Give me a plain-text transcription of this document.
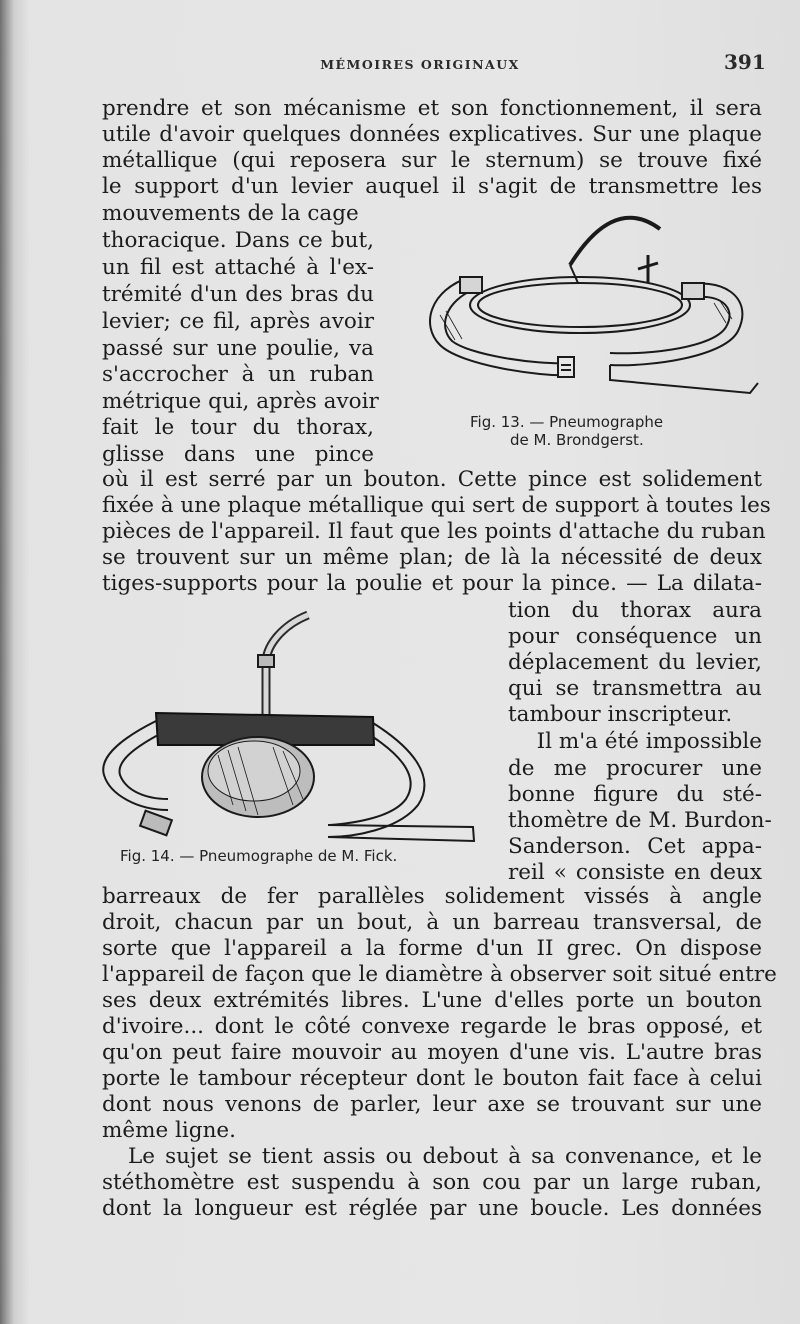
MÉMOIRES ORIGINAUX	391
prendre et son mécanisme et son fonctionnement, il sera
utile d'avoir quelques données explicatives. Sur une plaque
métallique (qui reposera sur le sternum) se trouve fixé
le support d'un levier auquel il s'agit de transmettre les
mouvements de la cage
thoracique. Dans ce but,
un fil est attaché à l'ex-
trémité d'un des bras du
levier; ce fil, après avoir
passé sur une poulie, va
s'accrocher à un ruban
métrique qui, après avoir
fait le tour du thorax,
glisse dans une pince
Fig. 13. — Pneumographe
de M. Brondgerst.
où il est serré par un bouton. Cette pince est solidement
fixée à une plaque métallique qui sert de support à toutes les
pièces de l'appareil. Il faut que les points d'attache du ruban
se trouvent sur un même plan; de là la nécessité de deux
tiges-supports pour la poulie et pour la pince. — La dilata-
tion du thorax aura
pour conséquence un
déplacement du levier,
qui se transmettra au
tambour inscripteur.
Il m'a été impossible
de me procurer une
bonne figure du sté-
thomètre de M. Burdon-
Sanderson. Cet appa-
reil « consiste en deux
Fig. 14. — Pneumographe de M. Fick.
barreaux de fer parallèles solidement vissés à angle
droit, chacun par un bout, à un barreau transversal, de
sorte que l'appareil a la forme d'un II grec. On dispose
l'appareil de façon que le diamètre à observer soit situé entre
ses deux extrémités libres. L'une d'elles porte un bouton
d'ivoire... dont le côté convexe regarde le bras opposé, et
qu'on peut faire mouvoir au moyen d'une vis. L'autre bras
porte le tambour récepteur dont le bouton fait face à celui
dont nous venons de parler, leur axe se trouvant sur une
même ligne.
Le sujet se tient assis ou debout à sa convenance, et le
stéthomètre est suspendu à son cou par un large ruban,
dont la longueur est réglée par une boucle. Les données
